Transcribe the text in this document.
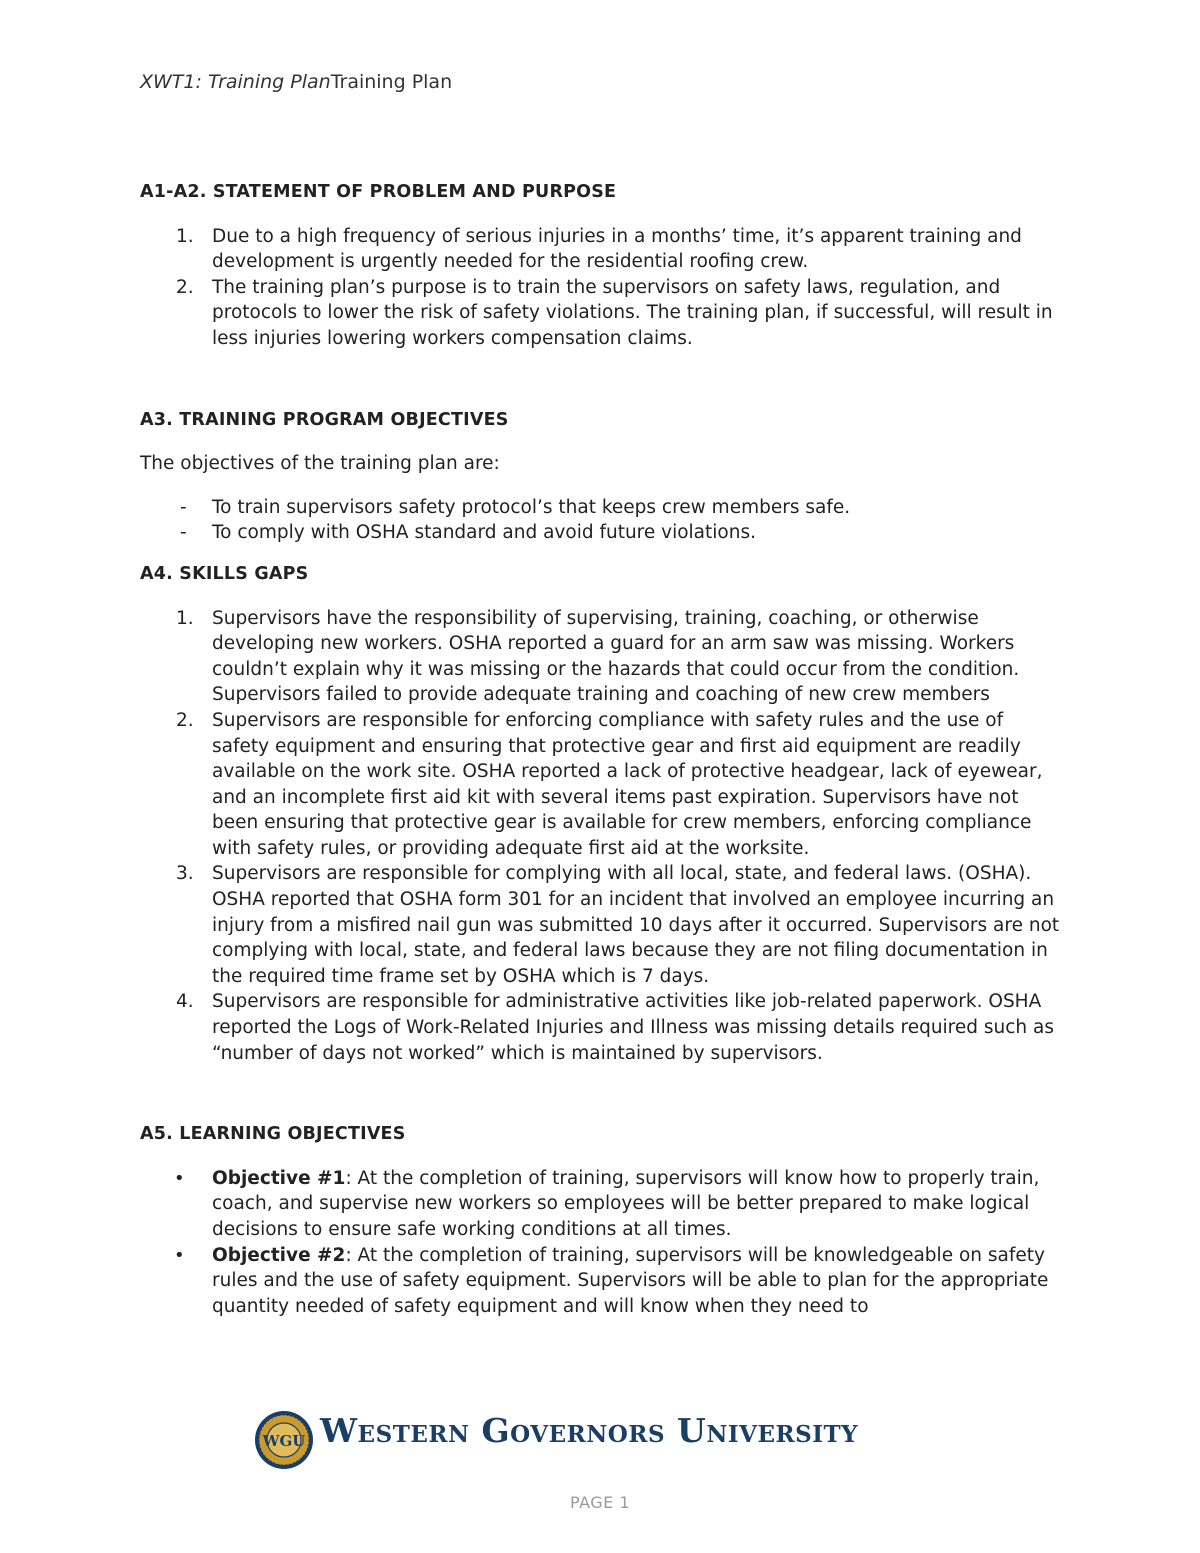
XWT1: Training PlanTraining Plan
A1-A2. STATEMENT OF PROBLEM AND PURPOSE
1. Due to a high frequency of serious injuries in a months’ time, it’s apparent training and development is urgently needed for the residential roofing crew.
2. The training plan’s purpose is to train the supervisors on safety laws, regulation, and protocols to lower the risk of safety violations. The training plan, if successful, will result in less injuries lowering workers compensation claims.
A3. TRAINING PROGRAM OBJECTIVES

The objectives of the training plan are:

- To train supervisors safety protocol’s that keeps crew members safe.
- To comply with OSHA standard and avoid future violations.
A4. SKILLS GAPS
1. Supervisors have the responsibility of supervising, training, coaching, or otherwise developing new workers. OSHA reported a guard for an arm saw was missing. Workers couldn’t explain why it was missing or the hazards that could occur from the condition. Supervisors failed to provide adequate training and coaching of new crew members
2. Supervisors are responsible for enforcing compliance with safety rules and the use of safety equipment and ensuring that protective gear and first aid equipment are readily available on the work site. OSHA reported a lack of protective headgear, lack of eyewear, and an incomplete first aid kit with several items past expiration. Supervisors have not been ensuring that protective gear is available for crew members, enforcing compliance with safety rules, or providing adequate first aid at the worksite.
3. Supervisors are responsible for complying with all local, state, and federal laws. (OSHA). OSHA reported that OSHA form 301 for an incident that involved an employee incurring an injury from a misfired nail gun was submitted 10 days after it occurred. Supervisors are not complying with local, state, and federal laws because they are not filing documentation in the required time frame set by OSHA which is 7 days.
4. Supervisors are responsible for administrative activities like job-related paperwork. OSHA reported the Logs of Work-Related Injuries and Illness was missing details required such as “number of days not worked” which is maintained by supervisors.
A5. LEARNING OBJECTIVES
• Objective #1: At the completion of training, supervisors will know how to properly train, coach, and supervise new workers so employees will be better prepared to make logical decisions to ensure safe working conditions at all times.
• Objective #2: At the completion of training, supervisors will be knowledgeable on safety rules and the use of safety equipment. Supervisors will be able to plan for the appropriate quantity needed of safety equipment and will know when they need to
WGU Western Governors University
PAGE 1
